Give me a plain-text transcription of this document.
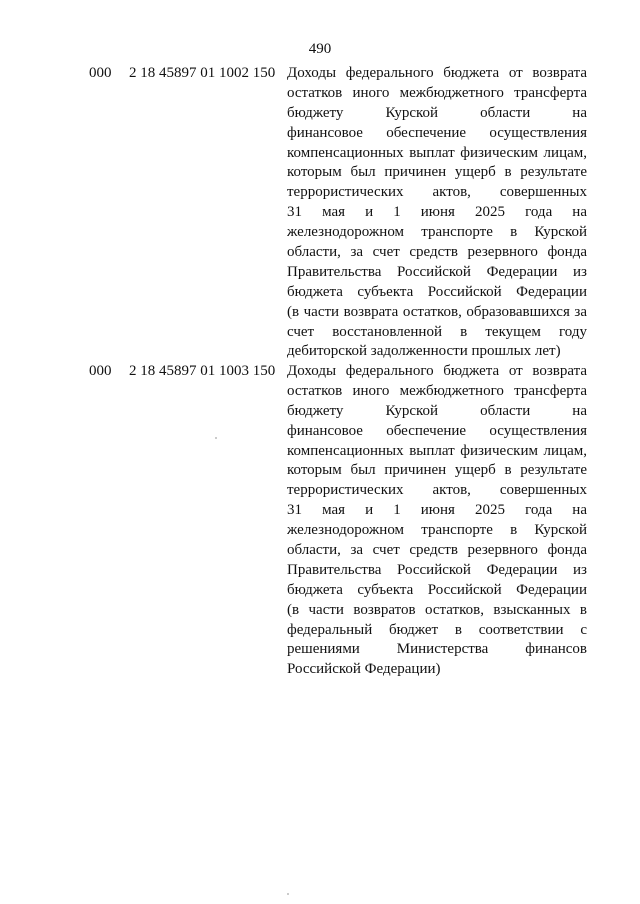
490
000 2 18 45897 01 1002 150 Доходы федерального бюджета от возврата
остатков иного межбюджетного трансферта
бюджету Курской области на
финансовое обеспечение осуществления
компенсационных выплат физическим лицам,
которым был причинен ущерб в результате
террористических актов, совершенных
31 мая и 1 июня 2025 года на
железнодорожном транспорте в Курской
области, за счет средств резервного фонда
Правительства Российской Федерации из
бюджета субъекта Российской Федерации
(в части возврата остатков, образовавшихся за
счет восстановленной в текущем году
дебиторской задолженности прошлых лет)
000 2 18 45897 01 1003 150 Доходы федерального бюджета от возврата
остатков иного межбюджетного трансферта
бюджету Курской области на
финансовое обеспечение осуществления
компенсационных выплат физическим лицам,
которым был причинен ущерб в результате
террористических актов, совершенных
31 мая и 1 июня 2025 года на
железнодорожном транспорте в Курской
области, за счет средств резервного фонда
Правительства Российской Федерации из
бюджета субъекта Российской Федерации
(в части возвратов остатков, взысканных в
федеральный бюджет в соответствии с
решениями Министерства финансов
Российской Федерации)
